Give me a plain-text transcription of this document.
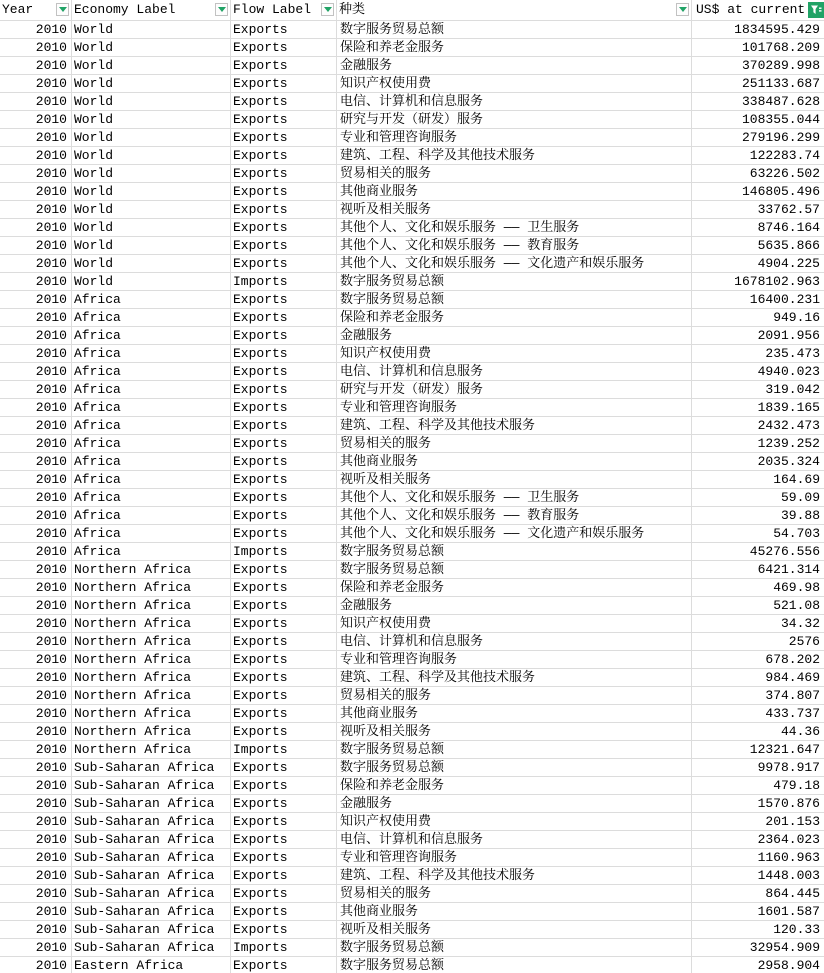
Year	Economy Label	Flow Label	种类	US$ at current
2010 World	Exports	数字服务贸易总额	1834595.429
2010 World	Exports	保险和养老金服务	101768.209
2010 World	Exports	金融服务	370289.998
2010 World	Exports	知识产权使用费	251133.687
2010 World	Exports	电信、计算机和信息服务	338487.628
2010 World	Exports	研究与开发（研发）服务	108355.044
2010 World	Exports	专业和管理咨询服务	279196.299
2010 World	Exports	建筑、工程、科学及其他技术服务	122283.74
2010 World	Exports	贸易相关的服务	63226.502
2010 World	Exports	其他商业服务	146805.496
2010 World	Exports	视听及相关服务	33762.57
2010 World	Exports	其他个人、文化和娱乐服务 —— 卫生服务	8746.164
2010 World	Exports	其他个人、文化和娱乐服务 —— 教育服务	5635.866
2010 World	Exports	其他个人、文化和娱乐服务 —— 文化遗产和娱乐服务	4904.225
2010 World	Imports	数字服务贸易总额	1678102.963
2010 Africa	Exports	数字服务贸易总额	16400.231
2010 Africa	Exports	保险和养老金服务	949.16
2010 Africa	Exports	金融服务	2091.956
2010 Africa	Exports	知识产权使用费	235.473
2010 Africa	Exports	电信、计算机和信息服务	4940.023
2010 Africa	Exports	研究与开发（研发）服务	319.042
2010 Africa	Exports	专业和管理咨询服务	1839.165
2010 Africa	Exports	建筑、工程、科学及其他技术服务	2432.473
2010 Africa	Exports	贸易相关的服务	1239.252
2010 Africa	Exports	其他商业服务	2035.324
2010 Africa	Exports	视听及相关服务	164.69
2010 Africa	Exports	其他个人、文化和娱乐服务 —— 卫生服务	59.09
2010 Africa	Exports	其他个人、文化和娱乐服务 —— 教育服务	39.88
2010 Africa	Exports	其他个人、文化和娱乐服务 —— 文化遗产和娱乐服务	54.703
2010 Africa	Imports	数字服务贸易总额	45276.556
2010 Northern Africa	Exports	数字服务贸易总额	6421.314
2010 Northern Africa	Exports	保险和养老金服务	469.98
2010 Northern Africa	Exports	金融服务	521.08
2010 Northern Africa	Exports	知识产权使用费	34.32
2010 Northern Africa	Exports	电信、计算机和信息服务	2576
2010 Northern Africa	Exports	专业和管理咨询服务	678.202
2010 Northern Africa	Exports	建筑、工程、科学及其他技术服务	984.469
2010 Northern Africa	Exports	贸易相关的服务	374.807
2010 Northern Africa	Exports	其他商业服务	433.737
2010 Northern Africa	Exports	视听及相关服务	44.36
2010 Northern Africa	Imports	数字服务贸易总额	12321.647
2010 Sub-Saharan Africa	Exports	数字服务贸易总额	9978.917
2010 Sub-Saharan Africa	Exports	保险和养老金服务	479.18
2010 Sub-Saharan Africa	Exports	金融服务	1570.876
2010 Sub-Saharan Africa	Exports	知识产权使用费	201.153
2010 Sub-Saharan Africa	Exports	电信、计算机和信息服务	2364.023
2010 Sub-Saharan Africa	Exports	专业和管理咨询服务	1160.963
2010 Sub-Saharan Africa	Exports	建筑、工程、科学及其他技术服务	1448.003
2010 Sub-Saharan Africa	Exports	贸易相关的服务	864.445
2010 Sub-Saharan Africa	Exports	其他商业服务	1601.587
2010 Sub-Saharan Africa	Exports	视听及相关服务	120.33
2010 Sub-Saharan Africa	Imports	数字服务贸易总额	32954.909
2010 Eastern Africa	Exports	数字服务贸易总额	2958.904
